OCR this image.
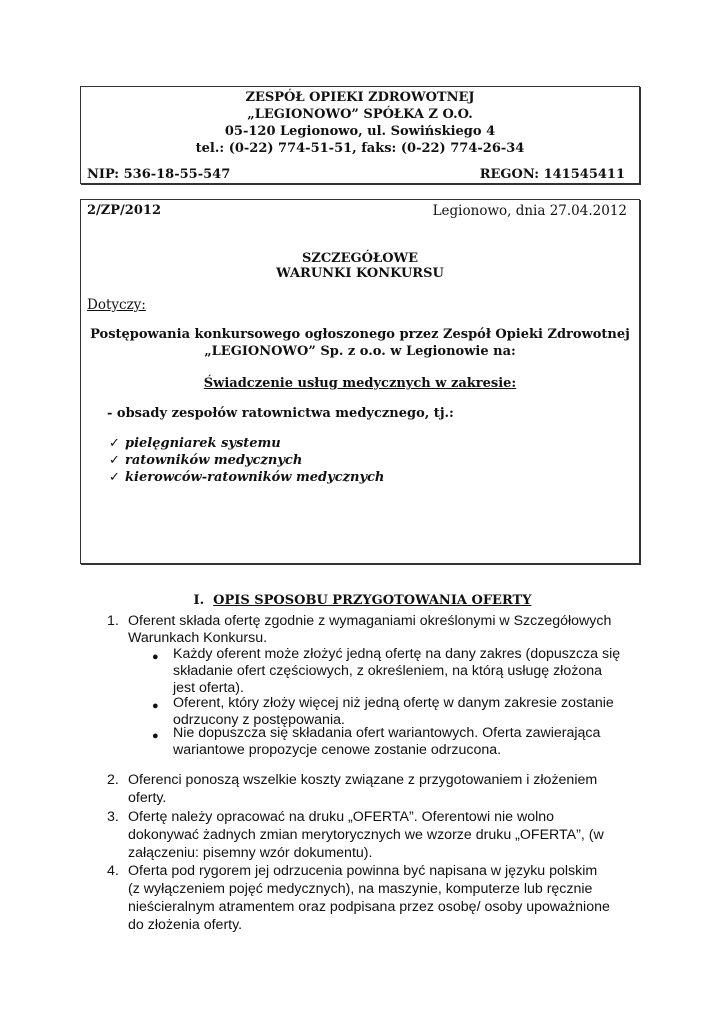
ZESPÓŁ OPIEKI ZDROWOTNEJ
„LEGIONOWO” SPÓŁKA Z O.O.
05-120 Legionowo, ul. Sowińskiego 4
tel.: (0-22) 774-51-51, faks: (0-22) 774-26-34
NIP: 536-18-55-547	REGON: 141545411
2/ZP/2012	Legionowo, dnia 27.04.2012
SZCZEGÓŁOWE
WARUNKI KONKURSU
Dotyczy:
Postępowania konkursowego ogłoszonego przez Zespół Opieki Zdrowotnej
„LEGIONOWO” Sp. z o.o. w Legionowie na:
Świadczenie usług medycznych w zakresie:
- obsady zespołów ratownictwa medycznego, tj.:
✓ pielęgniarek systemu
✓ ratowników medycznych
✓ kierowców-ratowników medycznych
I. OPIS SPOSOBU PRZYGOTOWANIA OFERTY
1. Oferent składa ofertę zgodnie z wymaganiami określonymi w Szczegółowych
Warunkach Konkursu.
● Każdy oferent może złożyć jedną ofertę na dany zakres (dopuszcza się
składanie ofert częściowych, z określeniem, na którą usługę złożona
jest oferta).
● Oferent, który złoży więcej niż jedną ofertę w danym zakresie zostanie
odrzucony z postępowania.
● Nie dopuszcza się składania ofert wariantowych. Oferta zawierająca
wariantowe propozycje cenowe zostanie odrzucona.
2. Oferenci ponoszą wszelkie koszty związane z przygotowaniem i złożeniem
oferty.
3. Ofertę należy opracować na druku „OFERTA”. Oferentowi nie wolno
dokonywać żadnych zmian merytorycznych we wzorze druku „OFERTA”, (w
załączeniu: pisemny wzór dokumentu).
4. Oferta pod rygorem jej odrzucenia powinna być napisana w języku polskim
(z wyłączeniem pojęć medycznych), na maszynie, komputerze lub ręcznie
nieścieralnym atramentem oraz podpisana przez osobę/ osoby upoważnione
do złożenia oferty.
